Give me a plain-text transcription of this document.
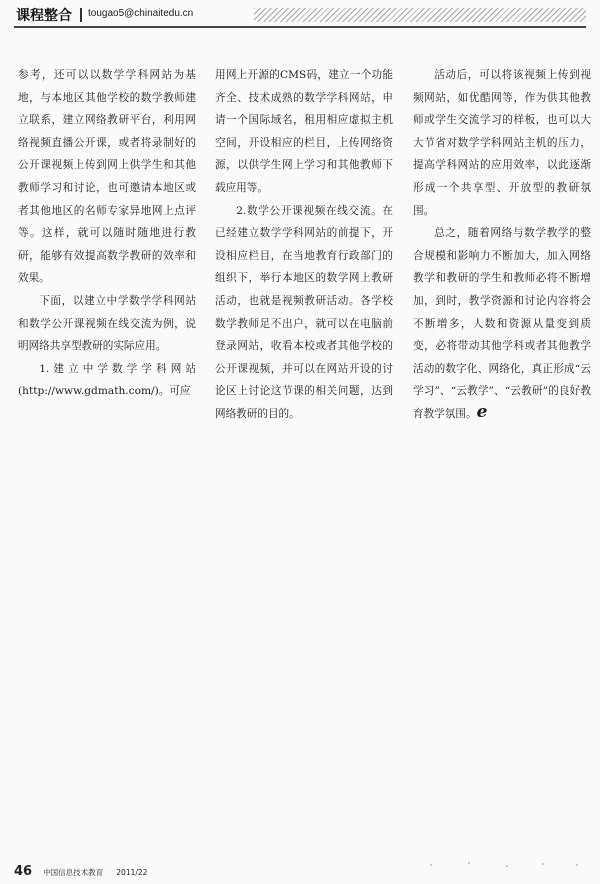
课程整合 tougao5@chinaitedu.cn

参考，还可以以数学学科网站为基地，与本地区其他学校的数学教师建立联系，建立网络教研平台，利用网络视频直播公开课，或者将录制好的公开课视频上传到网上供学生和其他教师学习和讨论，也可邀请本地区或者其他地区的名师专家异地网上点评等。这样，就可以随时随地进行教研，能够有效提高数学教研的效率和效果。

下面，以建立中学数学学科网站和数学公开课视频在线交流为例，说明网络共享型教研的实际应用。

1.建立中学数学学科网站(http://www.gdmath.com/)。可应

用网上开源的CMS码，建立一个功能齐全、技术成熟的数学学科网站，申请一个国际域名，租用相应虚拟主机空间，开设相应的栏目，上传网络资源，以供学生网上学习和其他教师下载应用等。

2.数学公开课视频在线交流。在已经建立数学学科网站的前提下，开设相应栏目，在当地教育行政部门的组织下，举行本地区的数学网上教研活动，也就是视频教研活动。各学校数学教师足不出户，就可以在电脑前登录网站，收看本校或者其他学校的公开课视频，并可以在网站开设的讨论区上讨论这节课的相关问题，达到网络教研的目的。

活动后，可以将该视频上传到视频网站，如优酷网等，作为供其他教师或学生交流学习的样板，也可以大大节省对数学学科网站主机的压力，提高学科网站的应用效率，以此逐渐形成一个共享型、开放型的教研氛围。

总之，随着网络与数学教学的整合规模和影响力不断加大，加入网络教学和教研的学生和教师必将不断增加，到时，教学资源和讨论内容将会不断增多，人数和资源从量变到质变，必将带动其他学科或者其他教学活动的数字化、网络化，真正形成“云学习”、“云教学”、“云教研”的良好教育教学氛围。e

46 中国信息技术教育 2011/22
